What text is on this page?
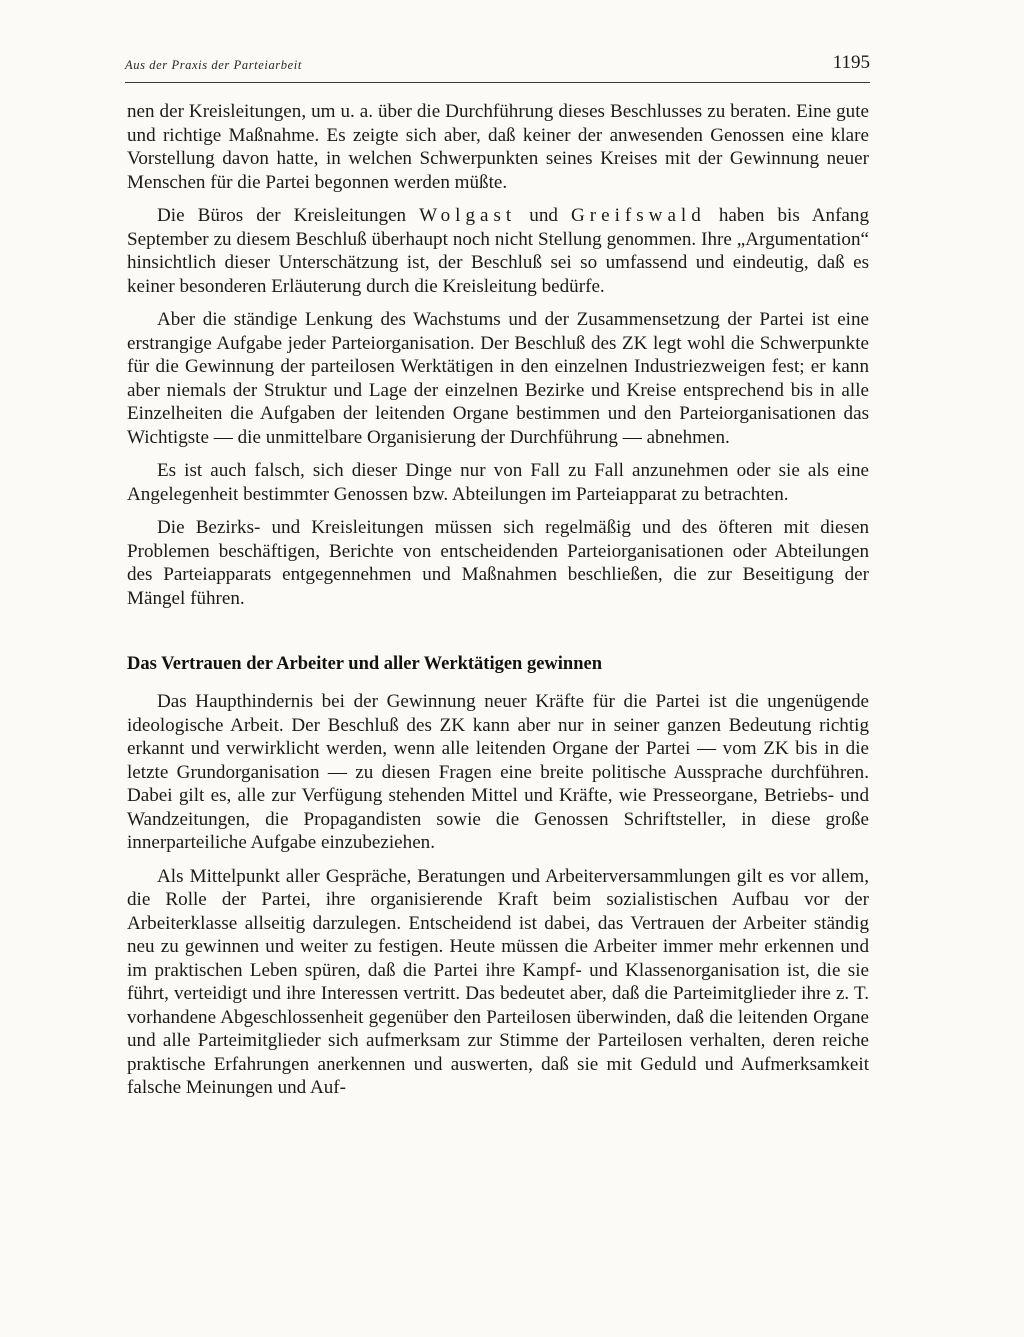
Aus der Praxis der Parteiarbeit	1195

nen der Kreisleitungen, um u. a. über die Durchführung dieses Beschlusses zu beraten. Eine gute und richtige Maßnahme. Es zeigte sich aber, daß keiner der anwesenden Genossen eine klare Vorstellung davon hatte, in welchen Schwerpunkten seines Kreises mit der Gewinnung neuer Menschen für die Partei begonnen werden müßte.

Die Büros der Kreisleitungen Wolgast und Greifswald haben bis Anfang September zu diesem Beschluß überhaupt noch nicht Stellung genommen. Ihre „Argumentation“ hinsichtlich dieser Unterschätzung ist, der Beschluß sei so umfassend und eindeutig, daß es keiner besonderen Erläuterung durch die Kreisleitung bedürfe.

Aber die ständige Lenkung des Wachstums und der Zusammensetzung der Partei ist eine erstrangige Aufgabe jeder Parteiorganisation. Der Beschluß des ZK legt wohl die Schwerpunkte für die Gewinnung der parteilosen Werktätigen in den einzelnen Industriezweigen fest; er kann aber niemals der Struktur und Lage der einzelnen Bezirke und Kreise entsprechend bis in alle Einzelheiten die Aufgaben der leitenden Organe bestimmen und den Parteiorganisationen das Wichtigste — die unmittelbare Organisierung der Durchführung — abnehmen.

Es ist auch falsch, sich dieser Dinge nur von Fall zu Fall anzunehmen oder sie als eine Angelegenheit bestimmter Genossen bzw. Abteilungen im Parteiapparat zu betrachten.

Die Bezirks- und Kreisleitungen müssen sich regelmäßig und des öfteren mit diesen Problemen beschäftigen, Berichte von entscheidenden Parteiorganisationen oder Abteilungen des Parteiapparats entgegennehmen und Maßnahmen beschließen, die zur Beseitigung der Mängel führen.

Das Vertrauen der Arbeiter und aller Werktätigen gewinnen

Das Haupthindernis bei der Gewinnung neuer Kräfte für die Partei ist die ungenügende ideologische Arbeit. Der Beschluß des ZK kann aber nur in seiner ganzen Bedeutung richtig erkannt und verwirklicht werden, wenn alle leitenden Organe der Partei — vom ZK bis in die letzte Grundorganisation — zu diesen Fragen eine breite politische Aussprache durchführen. Dabei gilt es, alle zur Verfügung stehenden Mittel und Kräfte, wie Presseorgane, Betriebs- und Wandzeitungen, die Propagandisten sowie die Genossen Schriftsteller, in diese große innerparteiliche Aufgabe einzubeziehen.

Als Mittelpunkt aller Gespräche, Beratungen und Arbeiterversammlungen gilt es vor allem, die Rolle der Partei, ihre organisierende Kraft beim sozialistischen Aufbau vor der Arbeiterklasse allseitig darzulegen. Entscheidend ist dabei, das Vertrauen der Arbeiter ständig neu zu gewinnen und weiter zu festigen. Heute müssen die Arbeiter immer mehr erkennen und im praktischen Leben spüren, daß die Partei ihre Kampf- und Klassenorganisation ist, die sie führt, verteidigt und ihre Interessen vertritt. Das bedeutet aber, daß die Parteimitglieder ihre z. T. vorhandene Abgeschlossenheit gegenüber den Parteilosen überwinden, daß die leitenden Organe und alle Parteimitglieder sich aufmerksam zur Stimme der Parteilosen verhalten, deren reiche praktische Erfahrungen anerkennen und auswerten, daß sie mit Geduld und Aufmerksamkeit falsche Meinungen und Auf-
